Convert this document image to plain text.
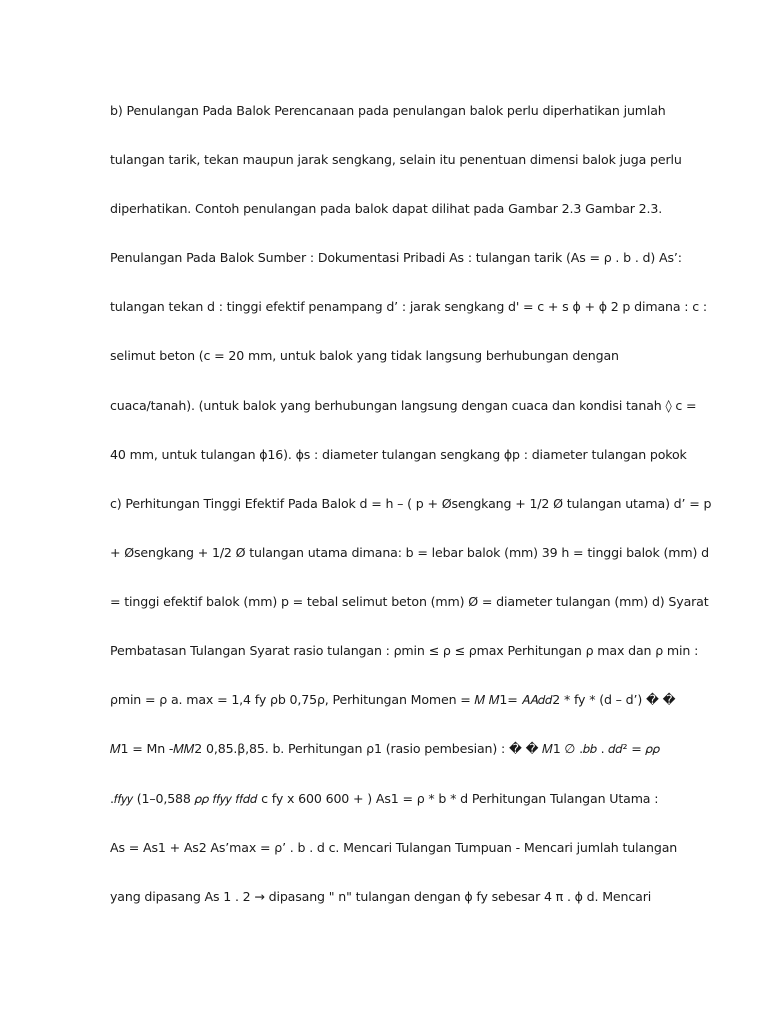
b) Penulangan Pada Balok Perencanaan pada penulangan balok perlu diperhatikan jumlah
tulangan tarik, tekan maupun jarak sengkang, selain itu penentuan dimensi balok juga perlu
diperhatikan. Contoh penulangan pada balok dapat dilihat pada Gambar 2.3 Gambar 2.3.
Penulangan Pada Balok Sumber : Dokumentasi Pribadi As : tulangan tarik (As = ρ . b . d) As’:
tulangan tekan d : tinggi efektif penampang d’ : jarak sengkang d' = c + s ϕ + ϕ 2 p dimana : c :
selimut beton (c = 20 mm, untuk balok yang tidak langsung berhubungan dengan
cuaca/tanah). (untuk balok yang berhubungan langsung dengan cuaca dan kondisi tanah ◊ c =
40 mm, untuk tulangan ϕ16). ϕs : diameter tulangan sengkang ϕp : diameter tulangan pokok
c) Perhitungan Tinggi Efektif Pada Balok d = h – ( p + Øsengkang + 1/2 Ø tulangan utama) d’ = p
+ Øsengkang + 1/2 Ø tulangan utama dimana: b = lebar balok (mm) 39 h = tinggi balok (mm) d
= tinggi efektif balok (mm) p = tebal selimut beton (mm) Ø = diameter tulangan (mm) d) Syarat
Pembatasan Tulangan Syarat rasio tulangan : ρmin ≤ ρ ≤ ρmax Perhitungan ρ max dan ρ min :
ρmin = ρ a. max = 1,4 fy ρb 0,75ρ, Perhitungan Momen = 𝑀 𝑀1= 𝐴𝐴𝑑𝑑2 * fy * (d – d’) � �
𝑀1 = Mn -𝑀𝑀2 0,85.β,85. b. Perhitungan ρ1 (rasio pembesian) : � � 𝑀1 ∅ .𝑏𝑏 . 𝑑𝑑² = 𝜌𝜌
.𝑓𝑓𝑦𝑦 (1–0,588 𝜌𝜌 𝑓𝑓𝑦𝑦 𝑓𝑓𝑑𝑑 c fy x 600 600 + ) As1 = ρ * b * d Perhitungan Tulangan Utama :
As = As1 + As2 As’max = ρ’ . b . d c. Mencari Tulangan Tumpuan - Mencari jumlah tulangan
yang dipasang As 1 . 2 → dipasang " n" tulangan dengan ϕ fy sebesar 4 π . ϕ d. Mencari
